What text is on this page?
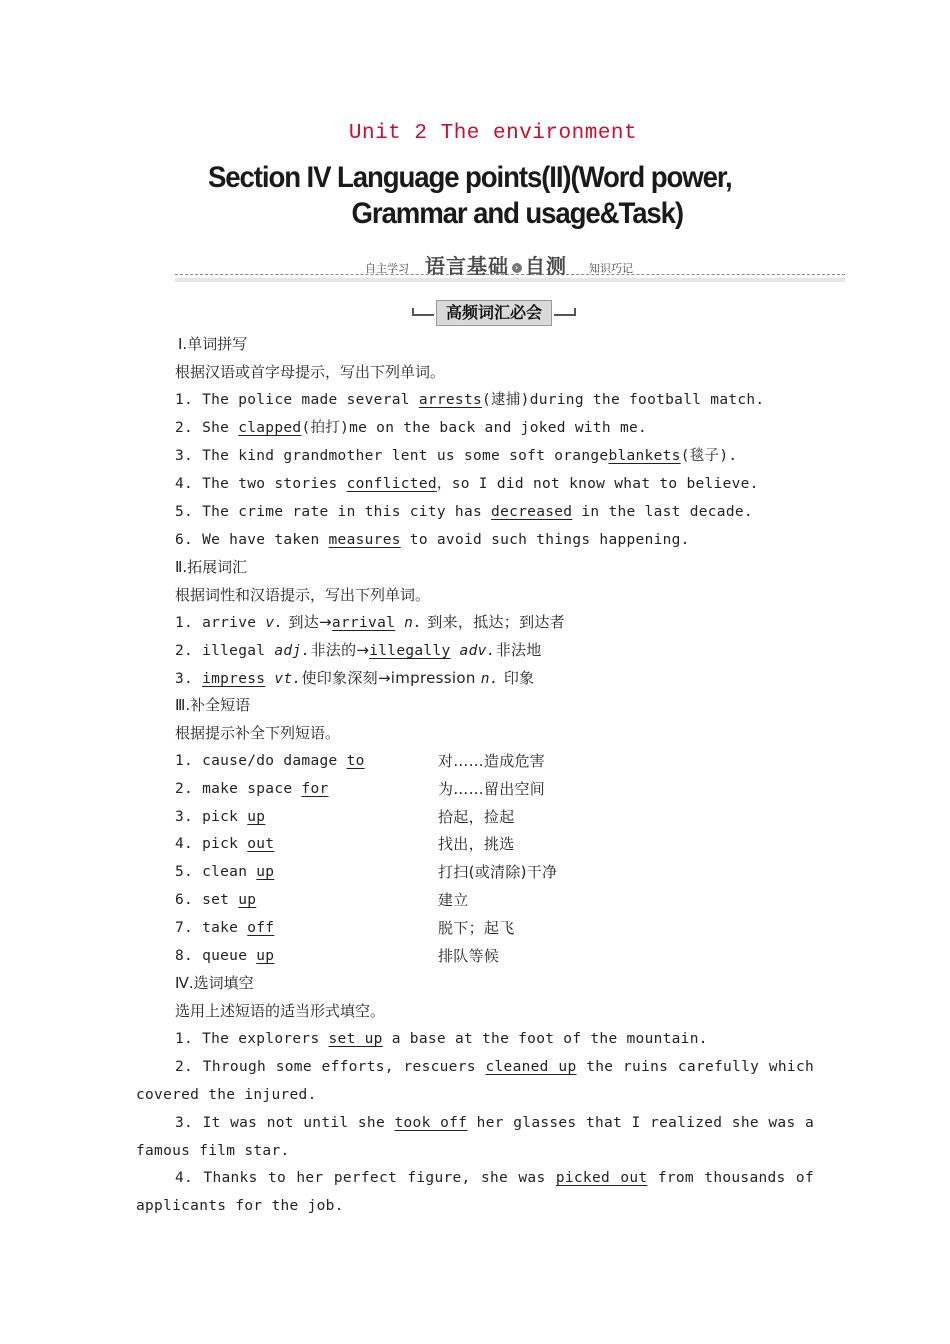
Unit 2 The environment
Section IV Language points(II)(Word power,
Grammar and usage&Task)
自主学习 语言基础 › 自测 知识巧记
高频词汇必会
Ⅰ.单词拼写
根据汉语或首字母提示，写出下列单词。
1. The police made several arrests(逮捕)during the football match.
2. She clapped(拍打)me on the back and joked with me.
3. The kind grandmother lent us some soft orangeblankets(毯子).
4. The two stories conflicted，so I did not know what to believe.
5. The crime rate in this city has decreased in the last decade.
6. We have taken measures to avoid such things happening.
Ⅱ.拓展词汇
根据词性和汉语提示，写出下列单词。
1. arrive v. 到达→arrival n. 到来，抵达；到达者
2. illegal adj.非法的→illegally adv.非法地
3. impress vt.使印象深刻→impression n. 印象
Ⅲ.补全短语
根据提示补全下列短语。
1. cause/do damage to	对……造成危害
2. make space for	为……留出空间
3. pick up	拾起，捡起
4. pick out	找出，挑选
5. clean up	打扫(或清除)干净
6. set up	建立
7. take off	脱下；起飞
8. queue up	排队等候
Ⅳ.选词填空
选用上述短语的适当形式填空。
1. The explorers set up a base at the foot of the mountain.
2. Through some efforts, rescuers cleaned up the ruins carefully which
covered the injured.
3. It was not until she took off her glasses that I realized she was a
famous film star.
4. Thanks to her perfect figure, she was picked out from thousands of
applicants for the job.
